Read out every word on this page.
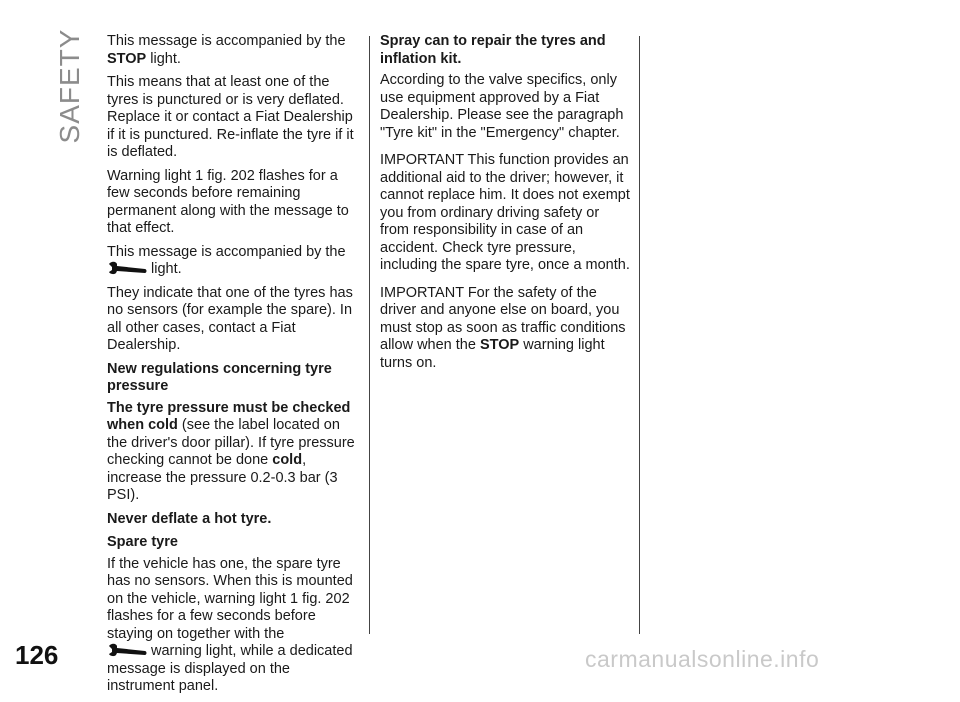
SAFETY This message is accompanied by the STOP light.

This means that at least one of the tyres is punctured or is very deflated. Replace it or contact a Fiat Dealership if it is punctured. Re-inflate the tyre if it is deflated.

Warning light 1 fig. 202 flashes for a few seconds before remaining permanent along with the message to that effect.

This message is accompanied by the
light.

They indicate that one of the tyres has no sensors (for example the spare). In all other cases, contact a Fiat Dealership.

New regulations concerning tyre pressure

The tyre pressure must be checked when cold (see the label located on the driver's door pillar). If tyre pressure checking cannot be done cold, increase the pressure 0.2-0.3 bar (3 PSI).

Never deflate a hot tyre.

Spare tyre

If the vehicle has one, the spare tyre has no sensors. When this is mounted on the vehicle, warning light 1 fig. 202 flashes for a few seconds before staying on together with the
warning light, while a dedicated message is displayed on the instrument panel.

Spray can to repair the tyres and inflation kit.

According to the valve specifics, only use equipment approved by a Fiat Dealership. Please see the paragraph "Tyre kit" in the "Emergency" chapter.

IMPORTANT This function provides an additional aid to the driver; however, it cannot replace him. It does not exempt you from ordinary driving safety or from responsibility in case of an accident. Check tyre pressure, including the spare tyre, once a month.

IMPORTANT For the safety of the driver and anyone else on board, you must stop as soon as traffic conditions allow when the STOP warning light turns on.

126	carmanualsonline.info
